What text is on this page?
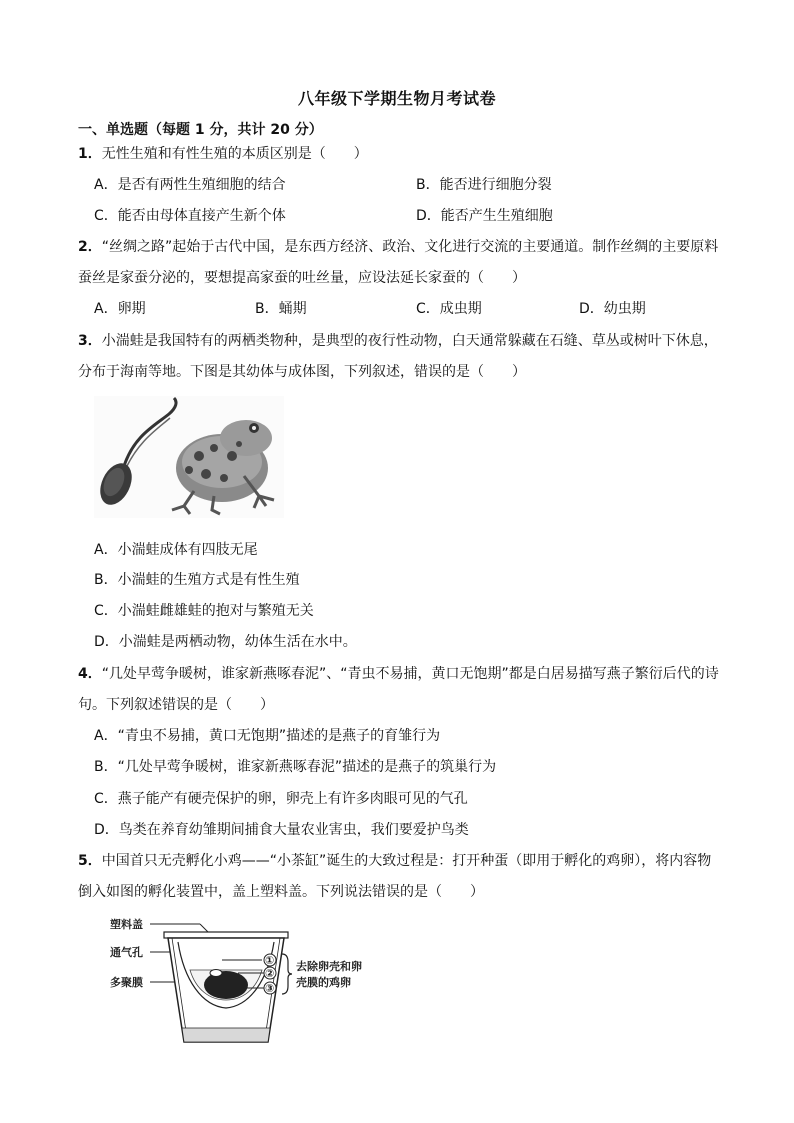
八年级下学期生物月考试卷
一、单选题（每题 1 分，共计 20 分）
1．无性生殖和有性生殖的本质区别是（　　）
A．是否有两性生殖细胞的结合	B．能否进行细胞分裂
C．能否由母体直接产生新个体	D．能否产生生殖细胞
2．“丝绸之路”起始于古代中国，是东西方经济、政治、文化进行交流的主要通道。制作丝绸的主要原料
蚕丝是家蚕分泌的，要想提高家蚕的吐丝量，应设法延长家蚕的（　　）
A．卵期	B．蛹期	C．成虫期	D．幼虫期
3．小湍蛙是我国特有的两栖类物种，是典型的夜行性动物，白天通常躲藏在石缝、草丛或树叶下休息，
分布于海南等地。下图是其幼体与成体图，下列叙述，错误的是（　　）
A．小湍蛙成体有四肢无尾
B．小湍蛙的生殖方式是有性生殖
C．小湍蛙雌雄蛙的抱对与繁殖无关
D．小湍蛙是两栖动物，幼体生活在水中。
4．“几处早莺争暖树，谁家新燕啄春泥”、“青虫不易捕，黄口无饱期”都是白居易描写燕子繁衍后代的诗
句。下列叙述错误的是（　　）
A．“青虫不易捕，黄口无饱期”描述的是燕子的育雏行为
B．“几处早莺争暖树，谁家新燕啄春泥”描述的是燕子的筑巢行为
C．燕子能产有硬壳保护的卵，卵壳上有许多肉眼可见的气孔
D．鸟类在养育幼雏期间捕食大量农业害虫，我们要爱护鸟类
5．中国首只无壳孵化小鸡——“小茶缸”诞生的大致过程是：打开种蛋（即用于孵化的鸡卵），将内容物
倒入如图的孵化装置中，盖上塑料盖。下列说法错误的是（　　）
塑料盖
通气孔
多聚膜
①
②
③
去除卵壳和卵
壳膜的鸡卵
